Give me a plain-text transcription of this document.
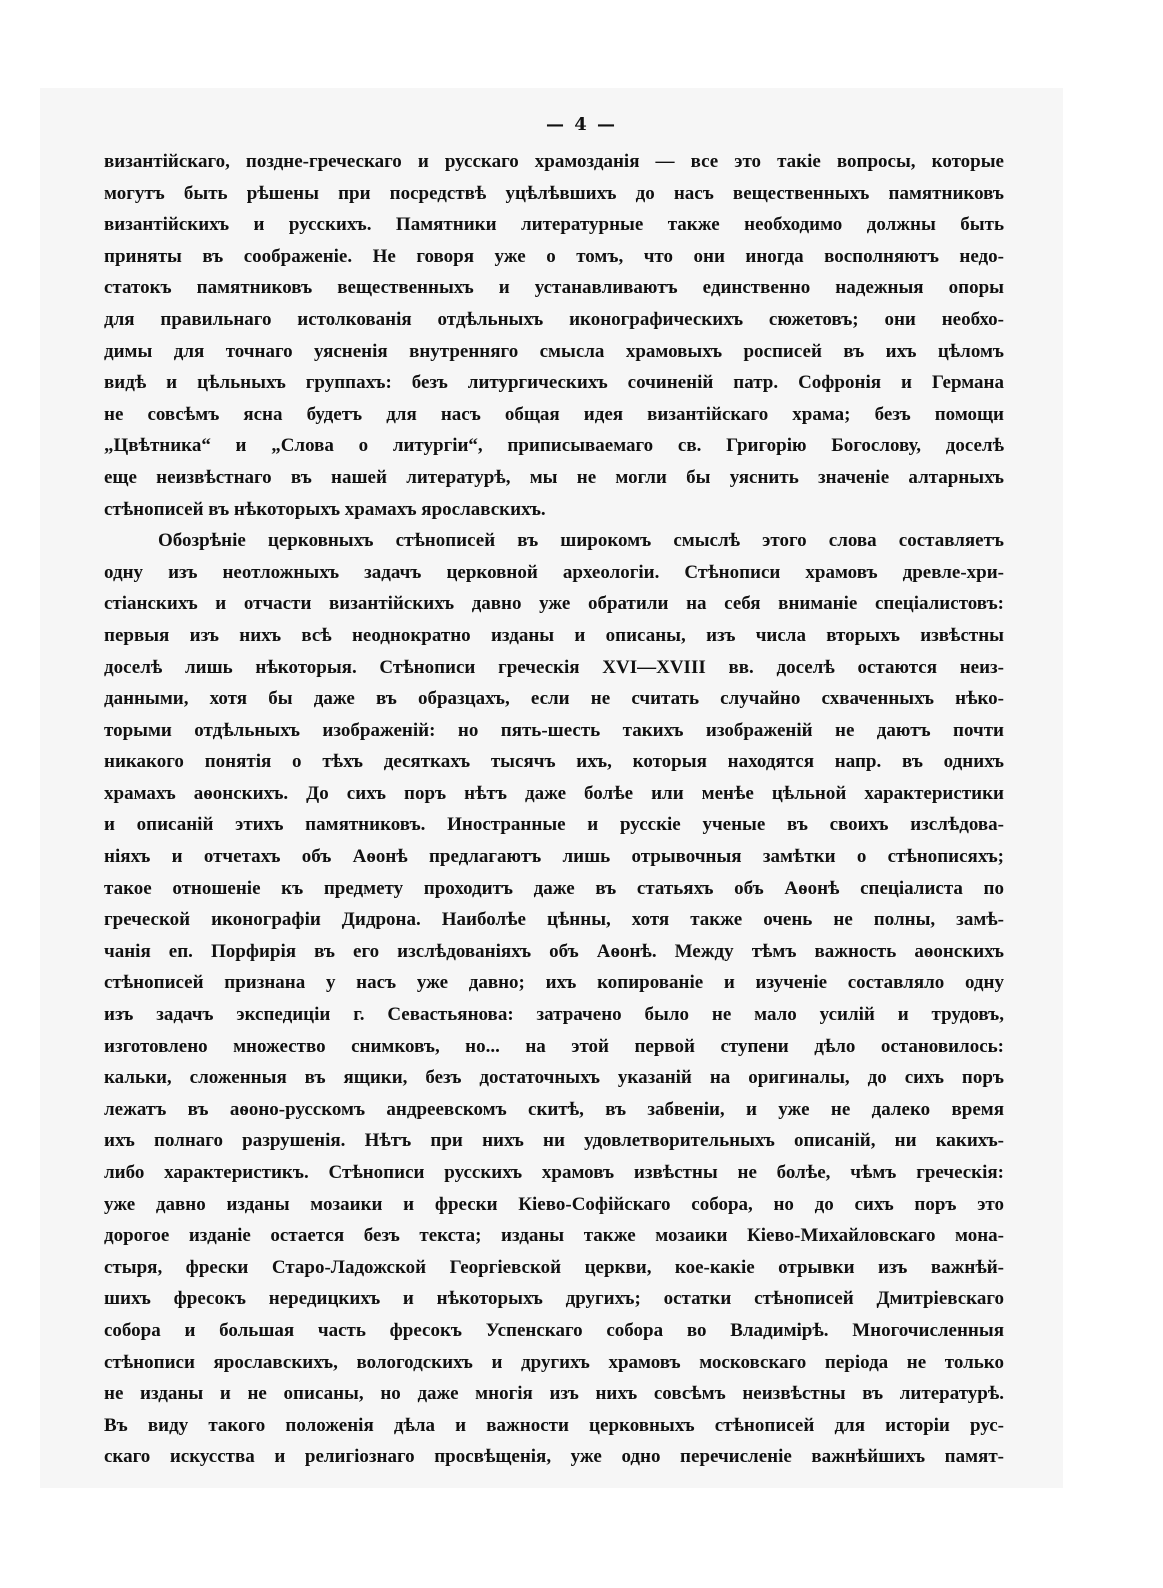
— 4 —
византійскаго, поздне-греческаго и русскаго храмозданія — все это такіе вопросы, которые
могутъ быть рѣшены при посредствѣ уцѣлѣвшихъ до насъ вещественныхъ памятниковъ
византійскихъ и русскихъ. Памятники литературные также необходимо должны быть
приняты въ соображеніе. Не говоря уже о томъ, что они иногда восполняютъ недо-
статокъ памятниковъ вещественныхъ и устанавливаютъ единственно надежныя опоры
для правильнаго истолкованія отдѣльныхъ иконографическихъ сюжетовъ; они необхо-
димы для точнаго уясненія внутренняго смысла храмовыхъ росписей въ ихъ цѣломъ
видѣ и цѣльныхъ группахъ: безъ литургическихъ сочиненій патр. Софронія и Германа
не совсѣмъ ясна будетъ для насъ общая идея византійскаго храма; безъ помощи
„Цвѣтника“ и „Слова о литургіи“, приписываемаго св. Григорію Богослову, доселѣ
еще неизвѣстнаго въ нашей литературѣ, мы не могли бы уяснить значеніе алтарныхъ
стѣнописей въ нѣкоторыхъ храмахъ ярославскихъ.
Обозрѣніе церковныхъ стѣнописей въ широкомъ смыслѣ этого слова составляетъ
одну изъ неотложныхъ задачъ церковной археологіи. Стѣнописи храмовъ древле-хри-
стіанскихъ и отчасти византійскихъ давно уже обратили на себя вниманіе спеціалистовъ:
первыя изъ нихъ всѣ неоднократно изданы и описаны, изъ числа вторыхъ извѣстны
доселѣ лишь нѣкоторыя. Стѣнописи греческія XVI—XVIII вв. доселѣ остаются неиз-
данными, хотя бы даже въ образцахъ, если не считать случайно схваченныхъ нѣко-
торыми отдѣльныхъ изображеній: но пять-шесть такихъ изображеній не даютъ почти
никакого понятія о тѣхъ десяткахъ тысячъ ихъ, которыя находятся напр. въ однихъ
храмахъ аѳонскихъ. До сихъ поръ нѣтъ даже болѣе или менѣе цѣльной характеристики
и описаній этихъ памятниковъ. Иностранные и русскіе ученые въ своихъ изслѣдова-
ніяхъ и отчетахъ объ Аѳонѣ предлагаютъ лишь отрывочныя замѣтки о стѣнописяхъ;
такое отношеніе къ предмету проходитъ даже въ статьяхъ объ Аѳонѣ спеціалиста по
греческой иконографіи Дидрона. Наиболѣе цѣнны, хотя также очень не полны, замѣ-
чанія еп. Порфирія въ его изслѣдованіяхъ объ Аѳонѣ. Между тѣмъ важность аѳонскихъ
стѣнописей признана у насъ уже давно; ихъ копированіе и изученіе составляло одну
изъ задачъ экспедиціи г. Севастьянова: затрачено было не мало усилій и трудовъ,
изготовлено множество снимковъ, но... на этой первой ступени дѣло остановилось:
кальки, сложенныя въ ящики, безъ достаточныхъ указаній на оригиналы, до сихъ поръ
лежатъ въ аѳоно-русскомъ андреевскомъ скитѣ, въ забвеніи, и уже не далеко время
ихъ полнаго разрушенія. Нѣтъ при нихъ ни удовлетворительныхъ описаній, ни какихъ-
либо характеристикъ. Стѣнописи русскихъ храмовъ извѣстны не болѣе, чѣмъ греческія:
уже давно изданы мозаики и фрески Кіево-Софійскаго собора, но до сихъ поръ это
дорогое изданіе остается безъ текста; изданы также мозаики Кіево-Михайловскаго мона-
стыря, фрески Старо-Ладожской Георгіевской церкви, кое-какіе отрывки изъ важнѣй-
шихъ фресокъ нередицкихъ и нѣкоторыхъ другихъ; остатки стѣнописей Дмитріевскаго
собора и большая часть фресокъ Успенскаго собора во Владимірѣ. Многочисленныя
стѣнописи ярославскихъ, вологодскихъ и другихъ храмовъ московскаго періода не только
не изданы и не описаны, но даже многія изъ нихъ совсѣмъ неизвѣстны въ литературѣ.
Въ виду такого положенія дѣла и важности церковныхъ стѣнописей для исторіи рус-
скаго искусства и религіознаго просвѣщенія, уже одно перечисленіе важнѣйшихъ памят-
